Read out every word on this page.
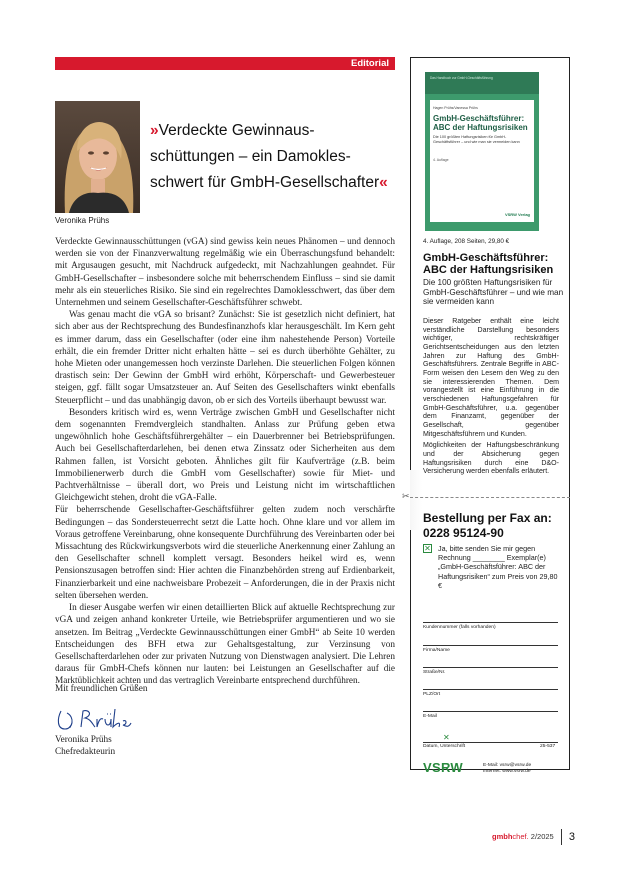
Editorial
Veronika Prühs
»Verdeckte Gewinnaus-
schüttungen – ein Damokles-
schwert für GmbH-Gesellschafter«

Verdeckte Gewinnausschüttungen (vGA) sind gewiss kein neues Phänomen – und dennoch werden sie von der Finanzverwaltung regelmäßig wie ein Überraschungsfund behandelt: mit Argusaugen gesucht, mit Nachdruck aufgedeckt, mit Nachzahlungen geahndet. Für GmbH-Gesellschafter – insbesondere solche mit beherrschendem Einfluss – sind sie damit mehr als ein steuerliches Risiko. Sie sind ein regelrechtes Damoklesschwert, das über dem Unternehmen und seinem Gesellschafter-Geschäftsführer schwebt.

Was genau macht die vGA so brisant? Zunächst: Sie ist gesetzlich nicht definiert, hat sich aber aus der Rechtsprechung des Bundesfinanzhofs klar herausgeschält. Im Kern geht es immer darum, dass ein Gesellschafter (oder eine ihm nahestehende Person) Vorteile erhält, die ein fremder Dritter nicht erhalten hätte – sei es durch überhöhte Gehälter, zu hohe Mieten oder unangemessen hoch verzinste Darlehen. Die steuerlichen Folgen können drastisch sein: Der Gewinn der GmbH wird erhöht, Körperschaft- und Gewerbesteuer steigen, ggf. fällt sogar Umsatzsteuer an. Auf Seiten des Gesellschafters winkt ebenfalls Steuerpflicht – und das unabhängig davon, ob er sich des Vorteils überhaupt bewusst war.

Besonders kritisch wird es, wenn Verträge zwischen GmbH und Gesellschafter nicht dem sogenannten Fremdvergleich standhalten. Anlass zur Prüfung geben etwa ungewöhnlich hohe Geschäftsführergehälter – ein Dauerbrenner bei Betriebsprüfungen. Auch bei Gesellschafterdarlehen, bei denen etwa Zinssatz oder Sicherheiten aus dem Rahmen fallen, ist Vorsicht geboten. Ähnliches gilt für Kaufverträge (z.B. beim Immobilienerwerb durch die GmbH vom Gesellschafter) sowie für Miet- und Pachtverhältnisse – überall dort, wo Preis und Leistung nicht im wirtschaftlichen Gleichgewicht stehen, droht die vGA-Falle.

Für beherrschende Gesellschafter-Geschäftsführer gelten zudem noch verschärfte Bedingungen – das Sondersteuerrecht setzt die Latte hoch. Ohne klare und vor allem im Voraus getroffene Vereinbarung, ohne konsequente Durchführung des Vereinbarten oder bei Missachtung des Rückwirkungsverbots wird die steuerliche Anerkennung einer Zahlung an den Gesellschafter schnell komplett versagt. Besonders heikel wird es, wenn Pensionszusagen betroffen sind: Hier achten die Finanzbehörden streng auf Erdienbarkeit, Finanzierbarkeit und eine nachweisbare Probezeit – Anforderungen, die in der Praxis nicht selten übersehen werden.

In dieser Ausgabe werfen wir einen detaillierten Blick auf aktuelle Rechtsprechung zur vGA und zeigen anhand konkreter Urteile, wie Betriebsprüfer argumentieren und wo sie ansetzen. Im Beitrag „Verdeckte Gewinnausschüttungen einer GmbH“ ab Seite 10 werden Entscheidungen des BFH etwa zur Gehaltsgestaltung, zur Verzinsung von Gesellschafterdarlehen oder zur privaten Nutzung von Dienstwagen analysiert. Die Lehren daraus für GmbH-Chefs können nur lauten: bei Leistungen an Gesellschafter auf die Marktüblichkeit achten und das vertraglich Vereinbarte entsprechend durchführen.

Mit freundlichen Grüßen
Veronika Prühs
Chefredakteurin
Das Handbuch zur GmbH-Geschäftsführung
Hagen Prühs/Vanessa Prühs
GmbH-Geschäftsführer: ABC der Haftungsrisiken
Die 100 größten Haftungsrisiken für GmbH-Geschäftsführer – und wie man sie vermeiden kann
4. Auflage
VSRW Verlag
4. Auflage, 208 Seiten, 29,80 €
GmbH-Geschäftsführer: ABC der Haftungsrisiken
Die 100 größten Haftungsrisiken für GmbH-Geschäftsführer – und wie man sie vermeiden kann

Dieser Ratgeber enthält eine leicht verständliche Darstellung besonders wichtiger, rechtskräftiger Gerichtsentscheidungen aus den letzten Jahren zur Haftung des GmbH-Geschäftsführers. Zentrale Begriffe in ABC-Form weisen den Lesern den Weg zu den sie interessierenden Themen. Dem vorangestellt ist eine Einführung in die verschiedenen Haftungsgefahren für GmbH-Geschäftsführer, u.a. gegenüber dem Finanzamt, gegenüber der Gesellschaft, gegenüber Mitgeschäftsführern und Kunden.

Möglichkeiten der Haftungsbeschränkung und der Absicherung gegen Haftungsrisiken durch eine D&O-Versicherung werden ebenfalls erläutert.

✂
Bestellung per Fax an:
0228 95124-90
✕ Ja, bitte senden Sie mir gegen Rechnung ________ Exemplar(e) „GmbH-Geschäftsführer: ABC der Haftungsrisiken“ zum Preis von 29,80 €
Kundennummer (falls vorhanden)
Firma/Name
Straße/Nr.
PLZ/Ort
E-Mail
✕
Datum, Unterschrift	25-537
VSRW	E-Mail: vsrw@vsrw.de
Internet: www.vsrw.de
gmbhchef. 2/2025 3
